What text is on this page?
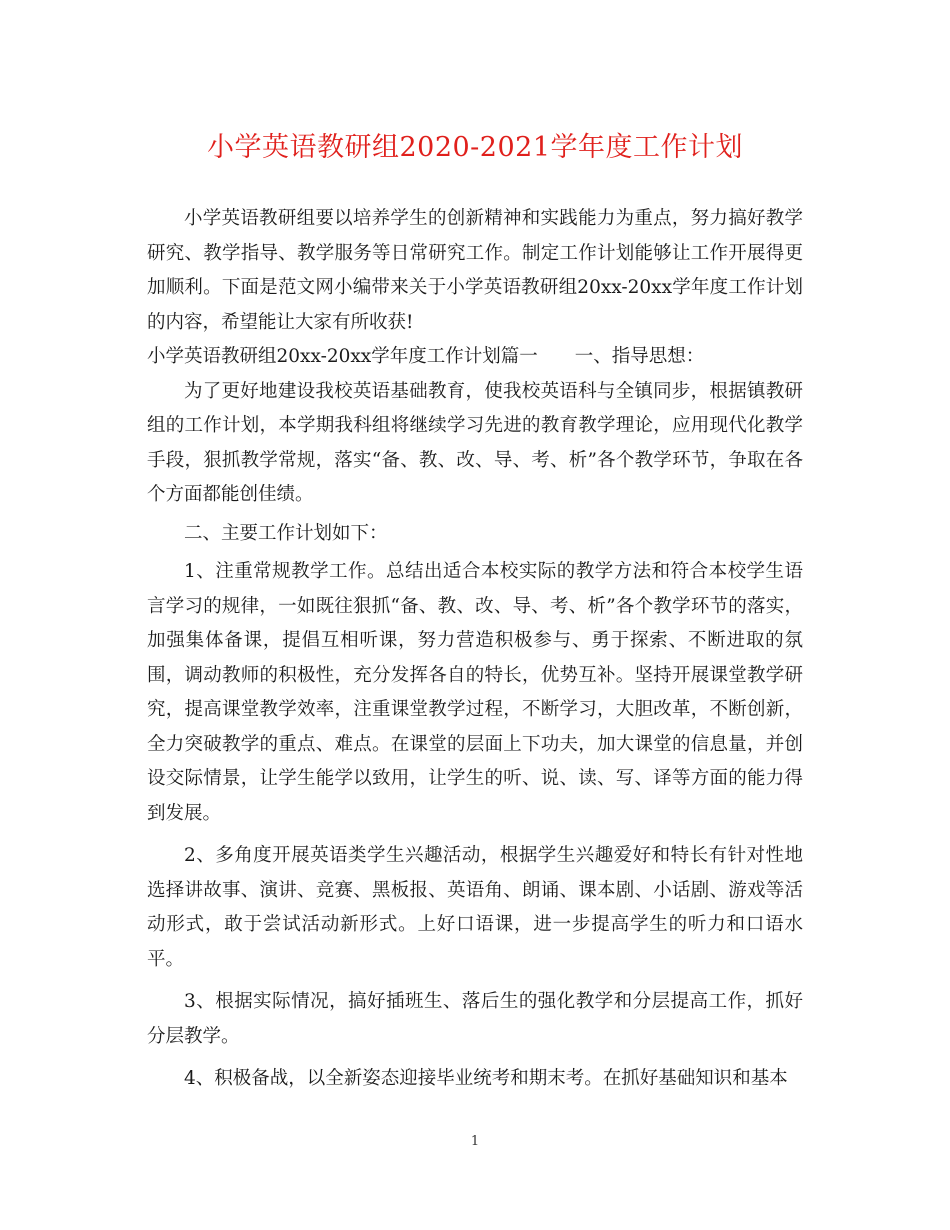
小学英语教研组2020-2021学年度工作计划

小学英语教研组要以培养学生的创新精神和实践能力为重点，努力搞好教学研究、教学指导、教学服务等日常研究工作。制定工作计划能够让工作开展得更加顺利。下面是范文网小编带来关于小学英语教研组20xx-20xx学年度工作计划的内容，希望能让大家有所收获!

小学英语教研组20xx-20xx学年度工作计划篇一　　一、指导思想：

为了更好地建设我校英语基础教育，使我校英语科与全镇同步，根据镇教研组的工作计划，本学期我科组将继续学习先进的教育教学理论，应用现代化教学手段，狠抓教学常规，落实“备、教、改、导、考、析”各个教学环节，争取在各个方面都能创佳绩。

二、主要工作计划如下：

1、注重常规教学工作。总结出适合本校实际的教学方法和符合本校学生语言学习的规律，一如既往狠抓“备、教、改、导、考、析”各个教学环节的落实，加强集体备课，提倡互相听课，努力营造积极参与、勇于探索、不断进取的氛围，调动教师的积极性，充分发挥各自的特长，优势互补。坚持开展课堂教学研究，提高课堂教学效率，注重课堂教学过程，不断学习，大胆改革，不断创新，全力突破教学的重点、难点。在课堂的层面上下功夫，加大课堂的信息量，并创设交际情景，让学生能学以致用，让学生的听、说、读、写、译等方面的能力得到发展。

2、多角度开展英语类学生兴趣活动，根据学生兴趣爱好和特长有针对性地选择讲故事、演讲、竞赛、黑板报、英语角、朗诵、课本剧、小话剧、游戏等活动形式，敢于尝试活动新形式。上好口语课，进一步提高学生的听力和口语水平。

3、根据实际情况，搞好插班生、落后生的强化教学和分层提高工作，抓好分层教学。

4、积极备战，以全新姿态迎接毕业统考和期末考。在抓好基础知识和基本

1
